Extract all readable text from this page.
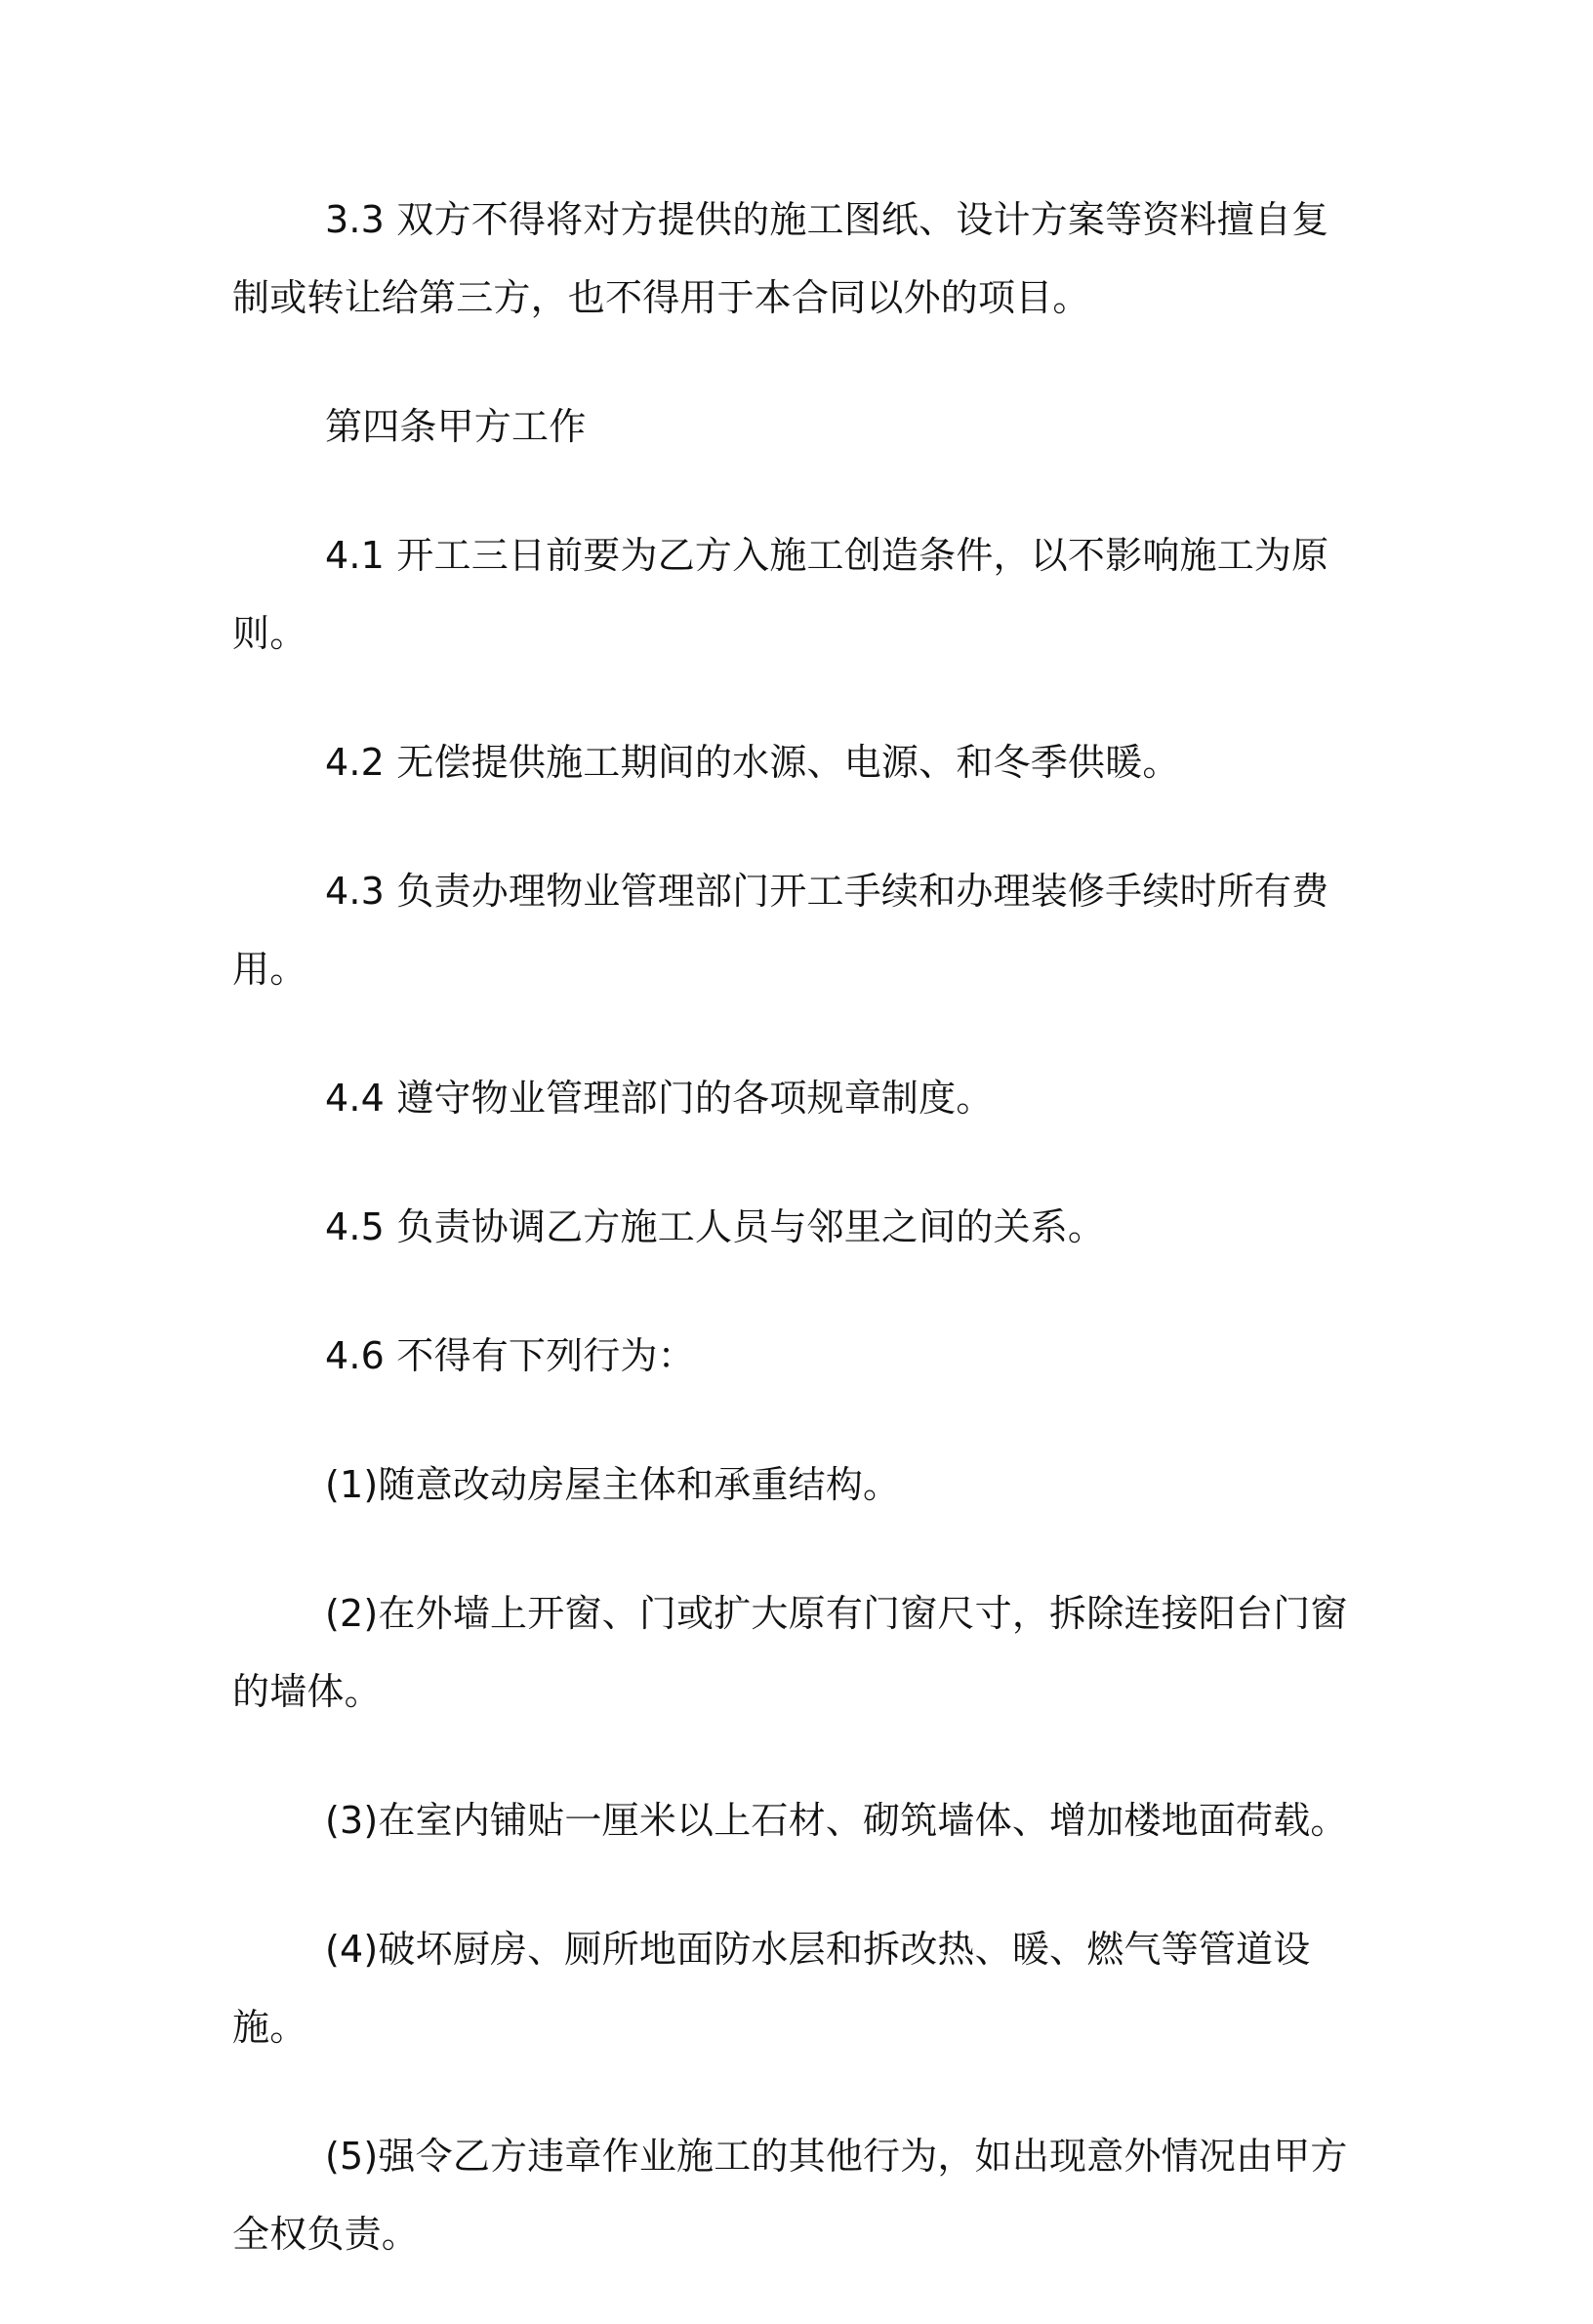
3.3 双方不得将对方提供的施工图纸、设计方案等资料擅自复制或转让给第三方，也不得用于本合同以外的项目。

第四条甲方工作

4.1 开工三日前要为乙方入施工创造条件，以不影响施工为原则。

4.2 无偿提供施工期间的水源、电源、和冬季供暖。

4.3 负责办理物业管理部门开工手续和办理装修手续时所有费用。

4.4 遵守物业管理部门的各项规章制度。

4.5 负责协调乙方施工人员与邻里之间的关系。

4.6 不得有下列行为：

(1)随意改动房屋主体和承重结构。

(2)在外墙上开窗、门或扩大原有门窗尺寸，拆除连接阳台门窗的墙体。

(3)在室内铺贴一厘米以上石材、砌筑墙体、增加楼地面荷载。

(4)破坏厨房、厕所地面防水层和拆改热、暖、燃气等管道设施。

(5)强令乙方违章作业施工的其他行为，如出现意外情况由甲方全权负责。
